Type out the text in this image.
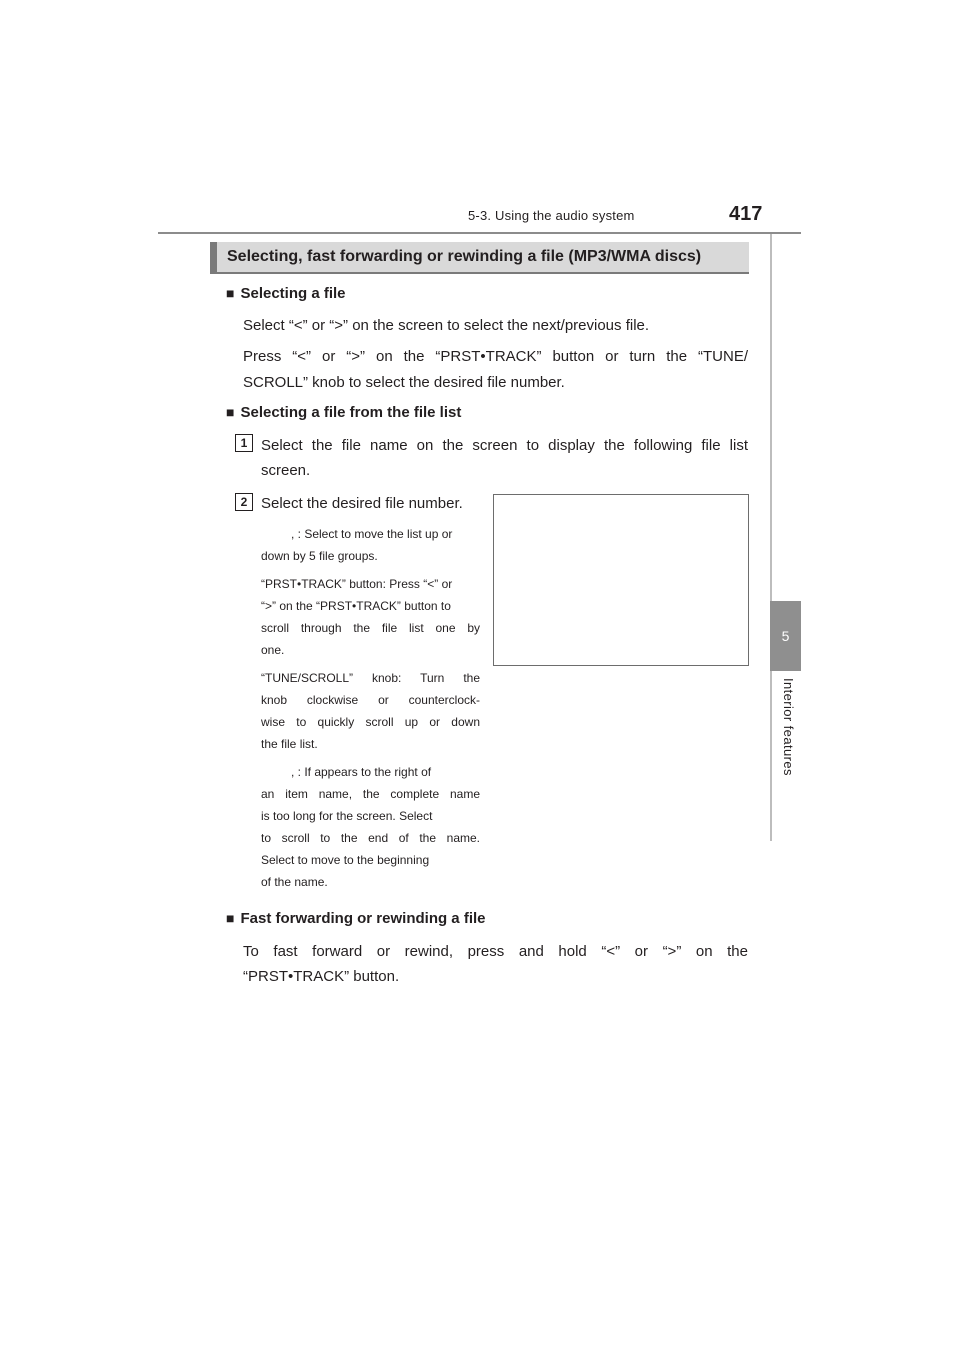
5-3. Using the audio system	417
5
Interior features
Selecting, fast forwarding or rewinding a file (MP3/WMA discs)
■ Selecting a file
Select “<” or “>” on the screen to select the next/previous file.
Press “<” or “>” on the “PRST•TRACK” button or turn the “TUNE/
SCROLL” knob to select the desired file number.
■ Selecting a file from the file list
1 Select the file name on the screen to display the following file list
screen.
2 Select the desired file number.
, : Select to move the list up or
down by 5 file groups.
“PRST•TRACK” button: Press “<” or
“>” on the “PRST•TRACK” button to
scroll through the file list one by
one.
“TUNE/SCROLL” knob: Turn the
knob clockwise or counterclock-
wise to quickly scroll up or down
the file list.
, : If appears to the right of
an item name, the complete name
is too long for the screen. Select
to scroll to the end of the name.
Select to move to the beginning
of the name.
■ Fast forwarding or rewinding a file
To fast forward or rewind, press and hold “<” or “>” on the
“PRST•TRACK” button.
